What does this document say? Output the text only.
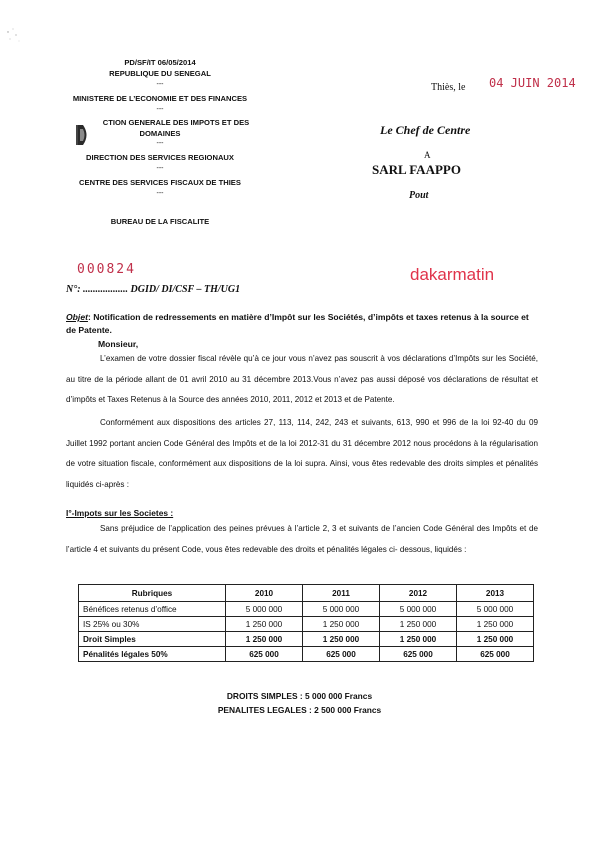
PD/SF/IT 06/05/2014
REPUBLIQUE DU SENEGAL
---
MINISTERE DE L’ECONOMIE ET DES FINANCES
---
CTION GENERALE DES IMPOTS ET DES
DOMAINES
---
DIRECTION DES SERVICES REGIONAUX
---
CENTRE DES SERVICES FISCAUX DE THIES
---
BUREAU DE LA FISCALITE
Thiès, le 04 JUIN 2014
Le Chef de Centre
A
SARL FAAPPO
Pout
000824	dakarmatin
N°: .................. DGID/ DI/CSF – TH/UG1
Objet: Notification de redressements en matière d’Impôt sur les Sociétés, d’impôts et taxes retenus à la source et de Patente.
Monsieur,
L’examen de votre dossier fiscal révèle qu’à ce jour vous n’avez pas souscrit à vos déclarations d’Impôts sur les Société, au titre de la période allant de 01 avril 2010 au 31 décembre 2013.Vous n’avez pas aussi déposé vos déclarations de résultat et d’impôts et Taxes Retenus à la Source des années 2010, 2011, 2012 et 2013 et de Patente.
Conformément aux dispositions des articles 27, 113, 114, 242, 243 et suivants, 613, 990 et 996 de la loi 92-40 du 09 Juillet 1992 portant ancien Code Général des Impôts et de la loi 2012-31 du 31 décembre 2012 nous procédons à la régularisation de votre situation fiscale, conformément aux dispositions de la loi supra. Ainsi, vous êtes redevable des droits simples et pénalités liquidés ci-après :
I°-Impots sur les Societes :
Sans préjudice de l’application des peines prévues à l’article 2, 3 et suivants de l’ancien Code Général des Impôts et de l’article 4 et suivants du présent Code, vous êtes redevable des droits et pénalités légales ci- dessous, liquidés :
Rubriques	2010	2011	2012	2013
Bénéfices retenus d’office	5 000 000	5 000 000	5 000 000	5 000 000
IS 25% ou 30%	1 250 000	1 250 000	1 250 000	1 250 000
Droit Simples	1 250 000	1 250 000	1 250 000	1 250 000
Pénalités légales 50%	625 000	625 000	625 000	625 000
DROITS SIMPLES : 5 000 000 Francs
PENALITES LEGALES : 2 500 000 Francs
